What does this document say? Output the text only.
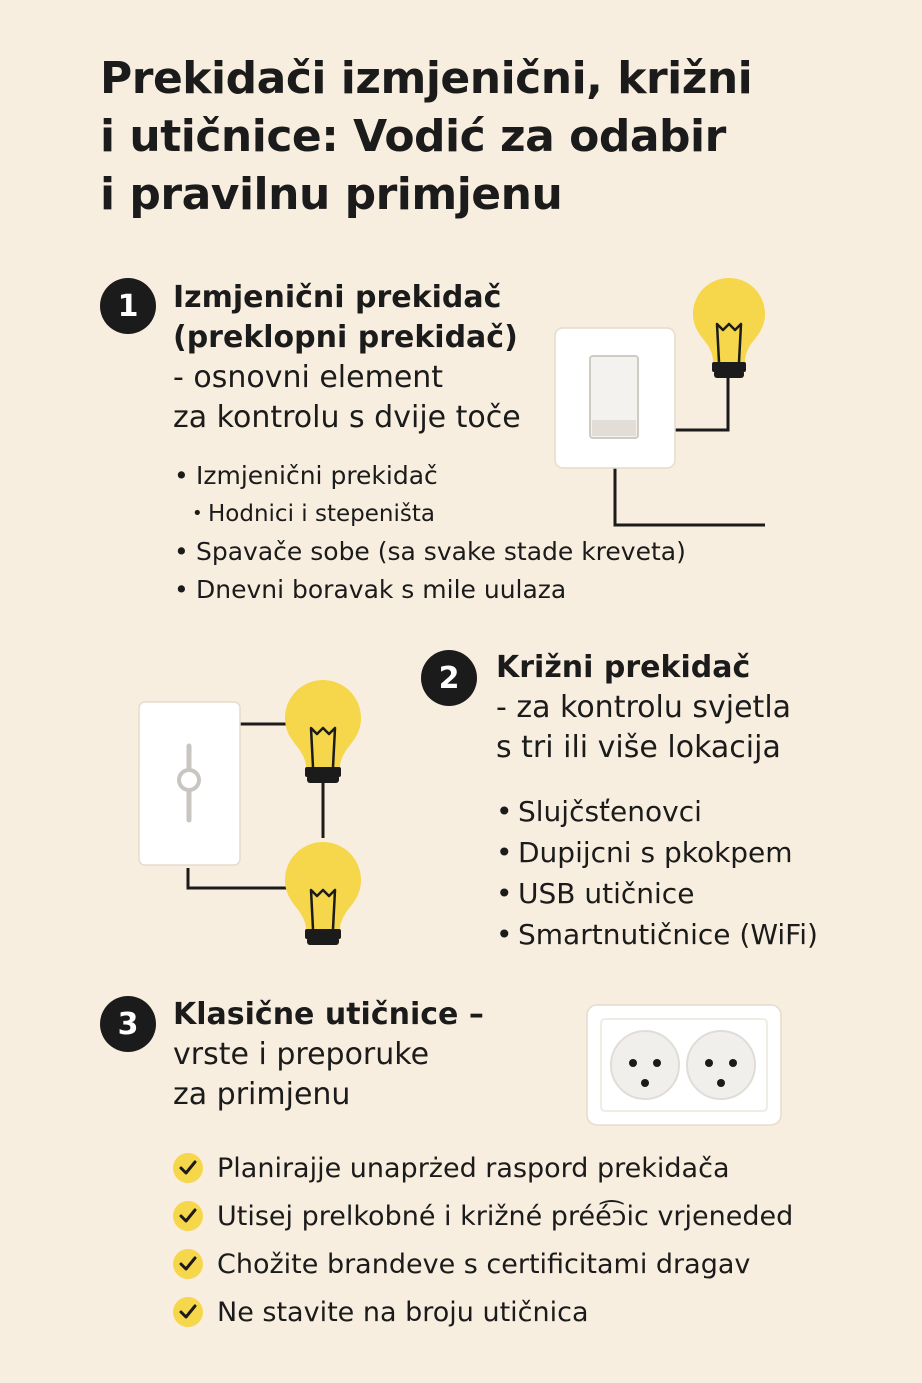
Prekidači izmjenični, križni
i utičnice: Vodić za odabir
i pravilnu primjenu
1	Izmjenični prekidač
(preklopni prekidač)
- osnovni element
za kontrolu s dvije toče
• Izmjenični prekidač
• Hodnici i stepeništa
• Spavače sobe (sa svake stade kreveta)
• Dnevni boravak s mile uulaza
2	Križni prekidač
- za kontrolu svjetla
s tri ili više lokacija
• Slujčsťenovci
• Dupijcni s pkokpem
• USB utičnice
• Smartnutičnice (WiFi)
3	Klasične utičnice –
vrste i preporuke
za primjenu
Planirajje unaprżed raspord prekidača
Utisej prelkobné i križné préé͡ɔic vrjeneded
Chožite brandeve s certificitami dragav
Ne stavite na broju utičnica
